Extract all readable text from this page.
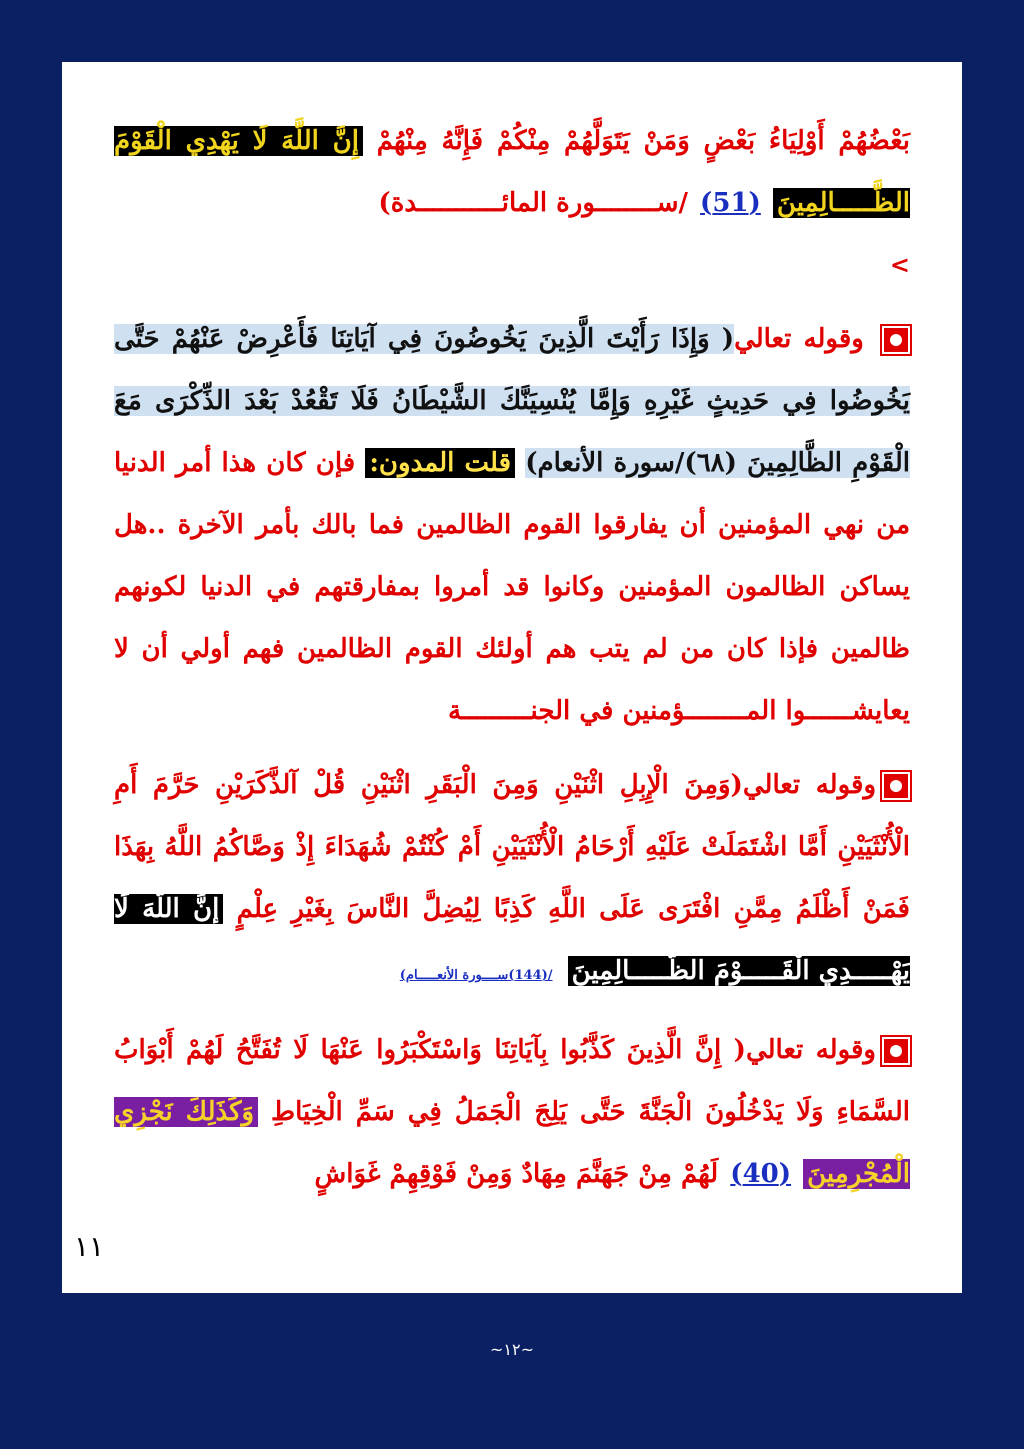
بَعْضُهُمْ أَوْلِيَاءُ بَعْضٍ وَمَنْ يَتَوَلَّهُمْ مِنْكُمْ فَإِنَّهُ مِنْهُمْ إِنَّ اللَّهَ لَا يَهْدِي الْقَوْمَ الظَّـــــالِمِينَ (51) /ســــــــورة المائـــــــــــدة)
>

وقوله تعالي( وَإِذَا رَأَيْتَ الَّذِينَ يَخُوضُونَ فِي آيَاتِنَا فَأَعْرِضْ عَنْهُمْ حَتَّى يَخُوضُوا فِي حَدِيثٍ غَيْرِهِ وَإِمَّا يُنْسِيَنَّكَ الشَّيْطَانُ فَلَا تَقْعُدْ بَعْدَ الذِّكْرَى مَعَ الْقَوْمِ الظَّالِمِينَ (٦٨)/سورة الأنعام) قلت المدون: فإن كان هذا أمر الدنيا من نهي المؤمنين أن يفارقوا القوم الظالمين فما بالك بأمر الآخرة ..هل يساكن الظالمون المؤمنين وكانوا قد أمروا بمفارقتهم في الدنيا لكونهم ظالمين فإذا كان من لم يتب هم أولئك القوم الظالمين فهم أولي أن لا يعايشــــــوا المــــــــؤمنين في الجنـــــــــة

وقوله تعالي(وَمِنَ الْإِبِلِ اثْنَيْنِ وَمِنَ الْبَقَرِ اثْنَيْنِ قُلْ آلذَّكَرَيْنِ حَرَّمَ أَمِ الْأُنْثَيَيْنِ أَمَّا اشْتَمَلَتْ عَلَيْهِ أَرْحَامُ الْأُنْثَيَيْنِ أَمْ كُنْتُمْ شُهَدَاءَ إِذْ وَصَّاكُمُ اللَّهُ بِهَذَا فَمَنْ أَظْلَمُ مِمَّنِ افْتَرَى عَلَى اللَّهِ كَذِبًا لِيُضِلَّ النَّاسَ بِغَيْرِ عِلْمٍ إِنَّ اللَّهَ لَا يَهْـــــدِي الْقَـــــوْمَ الظَّـــــالِمِينَ /(144)ســــورة الأنعـــــام)

وقوله تعالي( إِنَّ الَّذِينَ كَذَّبُوا بِآيَاتِنَا وَاسْتَكْبَرُوا عَنْهَا لَا تُفَتَّحُ لَهُمْ أَبْوَابُ السَّمَاءِ وَلَا يَدْخُلُونَ الْجَنَّةَ حَتَّى يَلِجَ الْجَمَلُ فِي سَمِّ الْخِيَاطِ وَكَذَلِكَ نَجْزِي الْمُجْرِمِينَ (40) لَهُمْ مِنْ جَهَنَّمَ مِهَادٌ وَمِنْ فَوْقِهِمْ غَوَاشٍ

١١
~١٢~
